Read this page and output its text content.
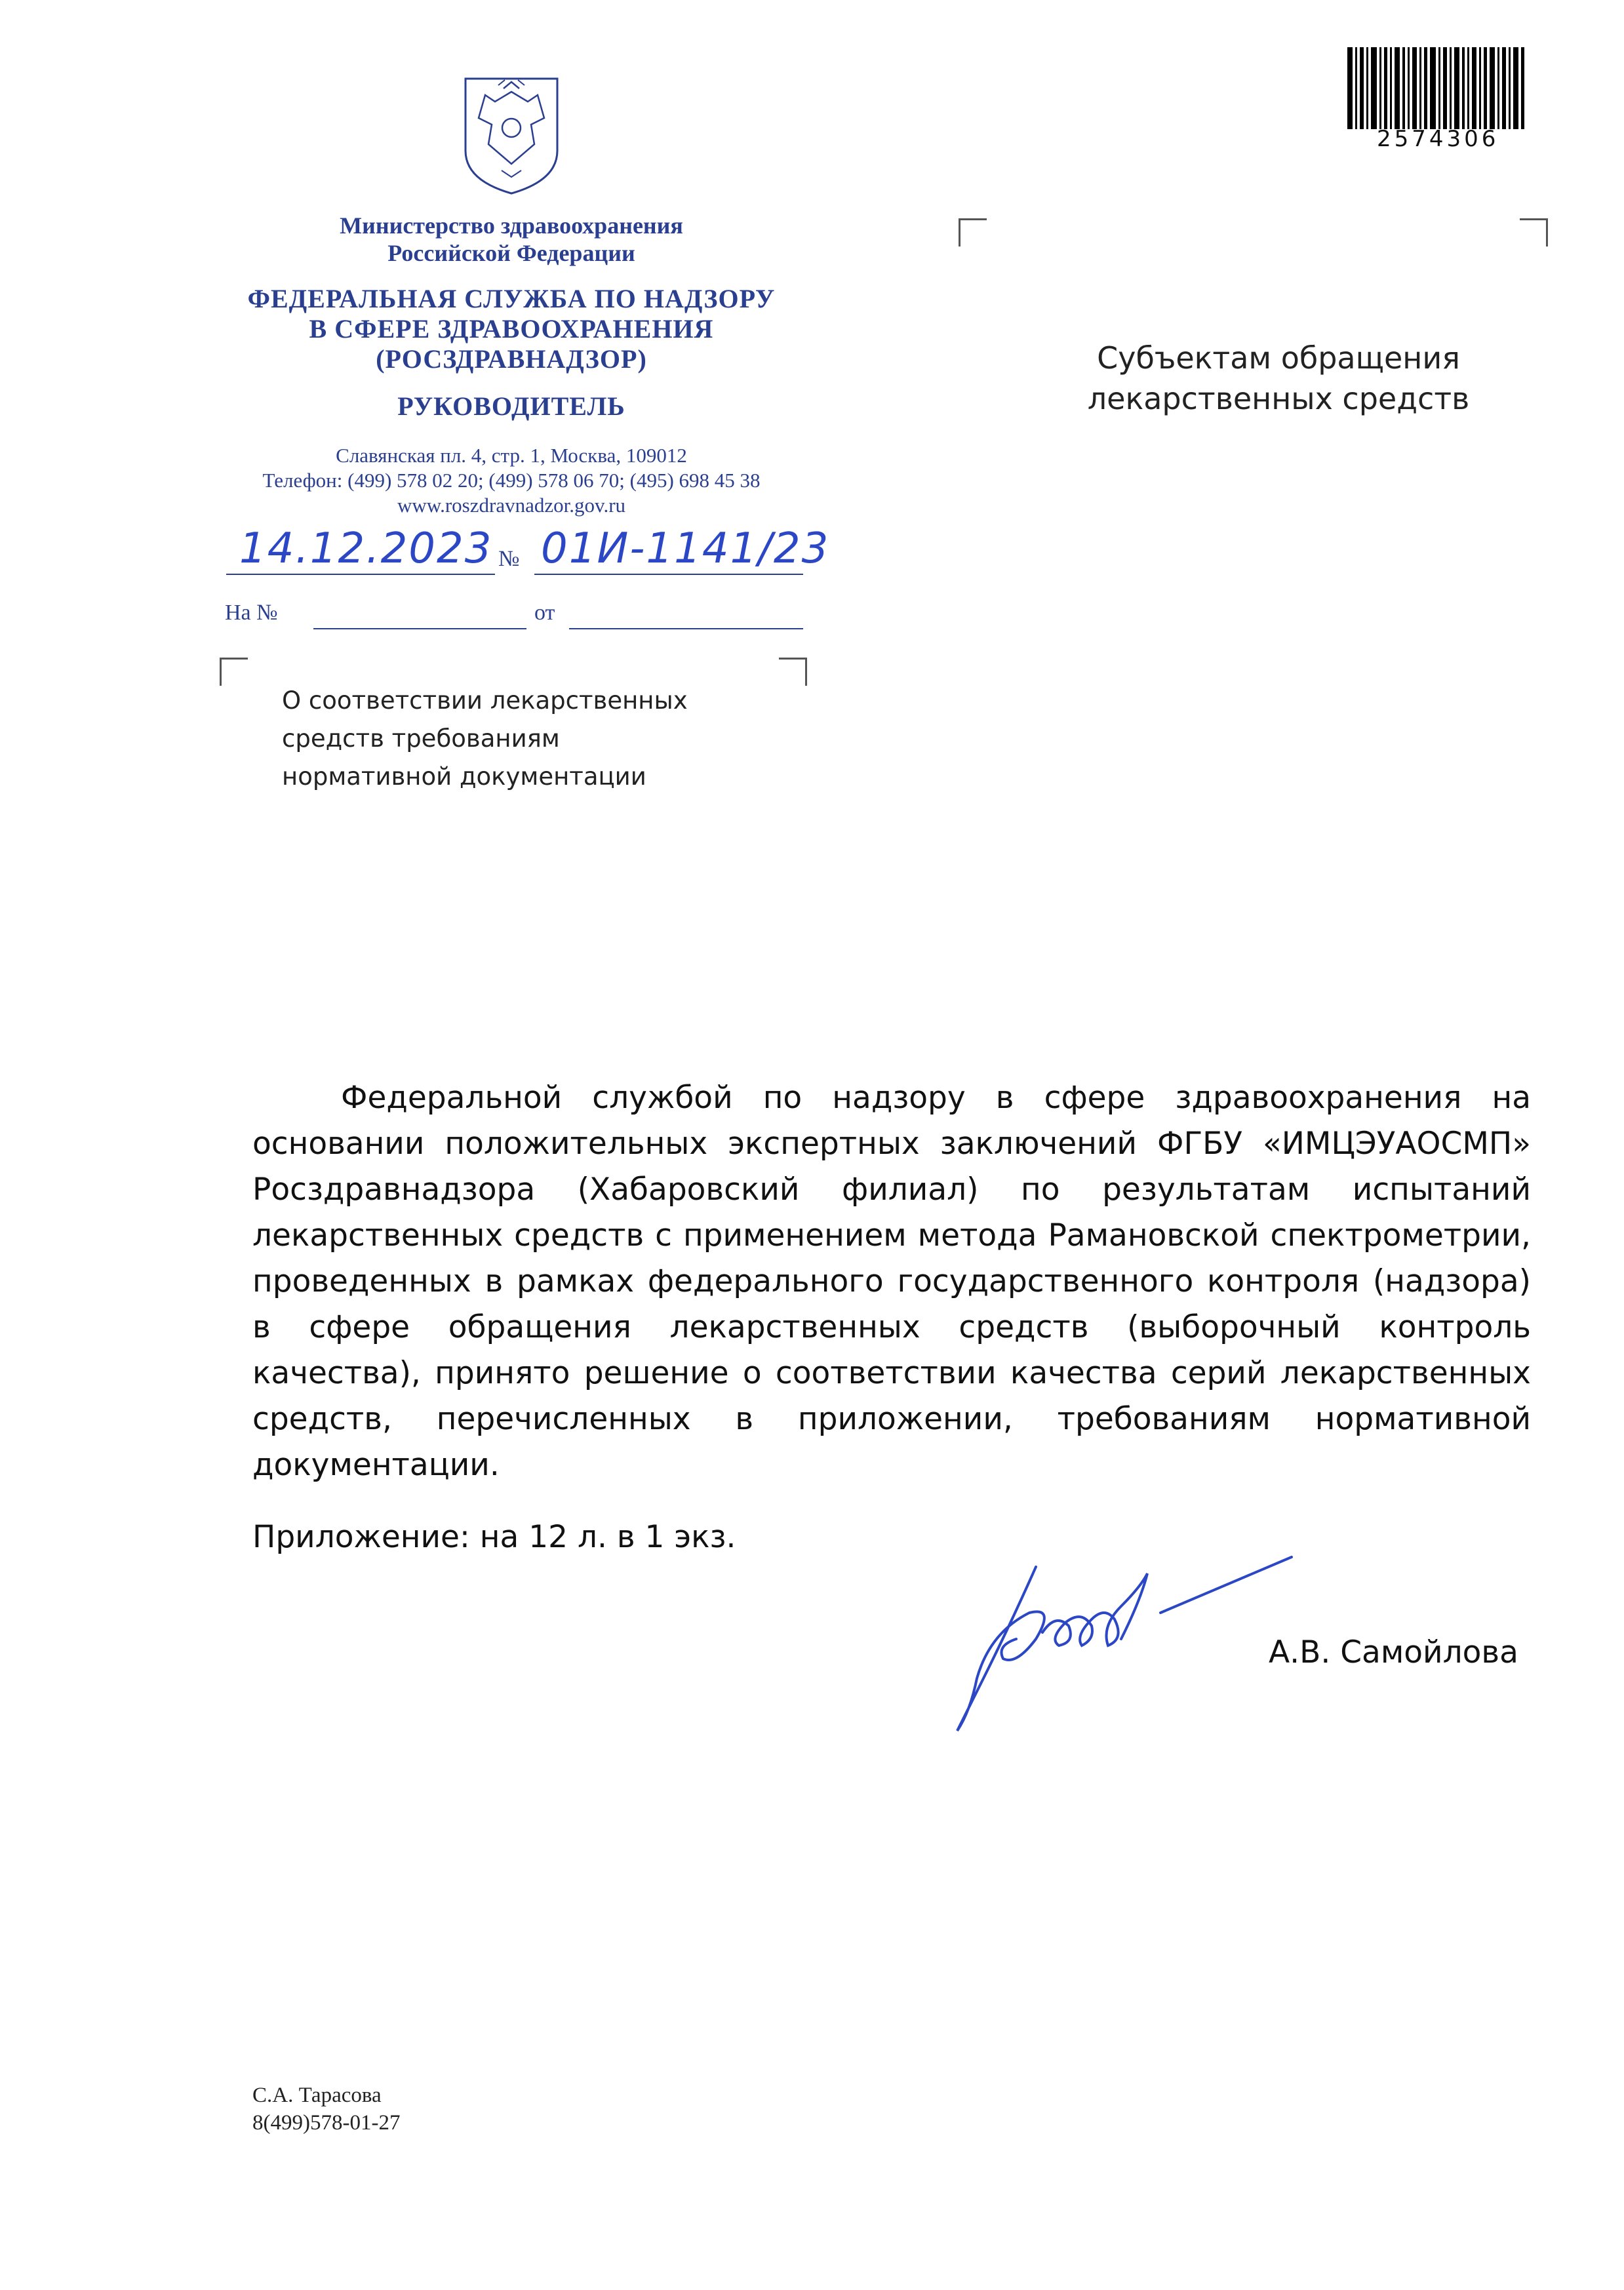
2574306
Министерство здравоохранения
Российской Федерации
ФЕДЕРАЛЬНАЯ СЛУЖБА ПО НАДЗОРУ
В СФЕРЕ ЗДРАВООХРАНЕНИЯ
(РОСЗДРАВНАДЗОР)
РУКОВОДИТЕЛЬ
Славянская пл. 4, стр. 1, Москва, 109012
Телефон: (499) 578 02 20; (499) 578 06 70; (495) 698 45 38
www.roszdravnadzor.gov.ru
14.12.2023 № 01И-1141/23
На №	от
О соответствии лекарственных
средств требованиям
нормативной документации
Субъектам обращения
лекарственных средств

Федеральной службой по надзору в сфере здравоохранения на основании положительных экспертных заключений ФГБУ «ИМЦЭУАОСМП» Росздравнадзора (Хабаровский филиал) по результатам испытаний лекарственных средств с применением метода Рамановской спектрометрии, проведенных в рамках федерального государственного контроля (надзора) в сфере обращения лекарственных средств (выборочный контроль качества), принято решение о соответствии качества серий лекарственных средств, перечисленных в приложении, требованиям нормативной документации.

Приложение: на 12 л. в 1 экз.

А.В. Самойлова
С.А. Тарасова
8(499)578-01-27
